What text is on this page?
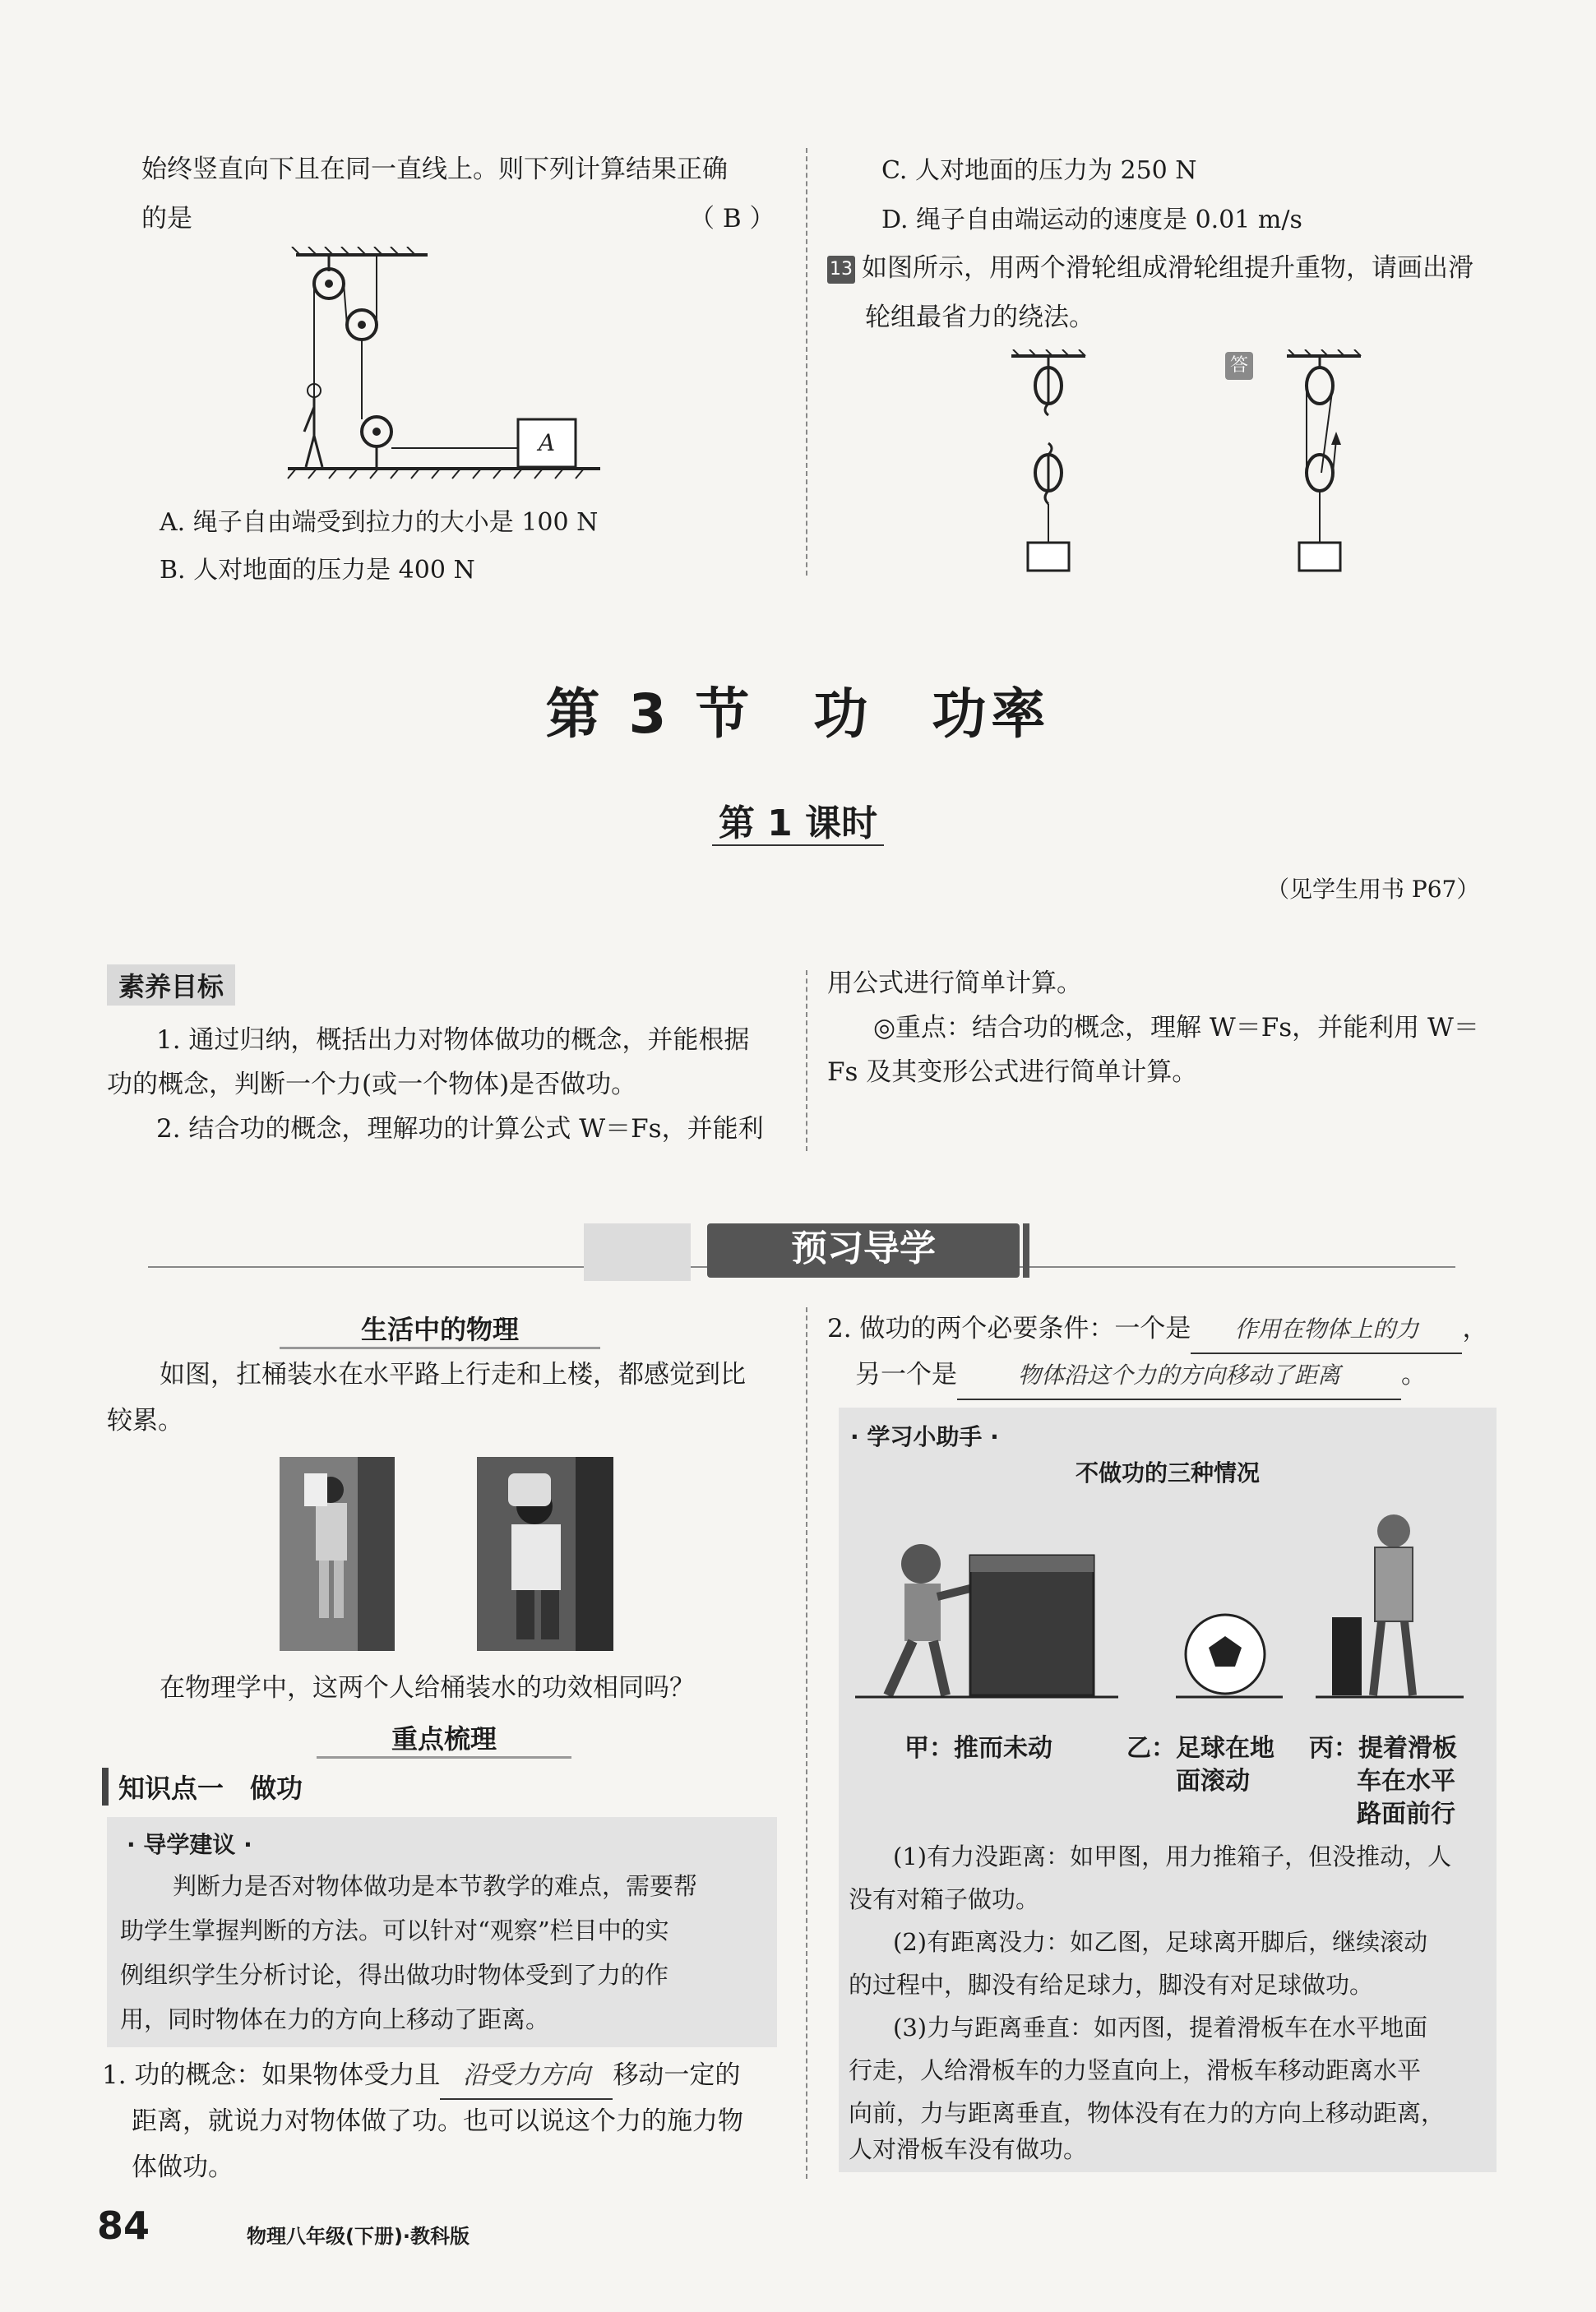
始终竖直向下且在同一直线上。则下列计算结果正确
的是	（ B ）
A
A. 绳子自由端受到拉力的大小是 100 N
B. 人对地面的压力是 400 N
C. 人对地面的压力为 250 N
D. 绳子自由端运动的速度是 0.01 m/s
13 如图所示，用两个滑轮组成滑轮组提升重物，请画出滑
轮组最省力的绕法。
答
第 3 节　功　功率
第 1 课时
（见学生用书 P67）
素养目标
1. 通过归纳，概括出力对物体做功的概念，并能根据
功的概念，判断一个力(或一个物体)是否做功。
2. 结合功的概念，理解功的计算公式 W＝Fs，并能利
用公式进行简单计算。
◎重点：结合功的概念，理解 W＝Fs，并能利用 W＝
Fs 及其变形公式进行简单计算。
预习导学
生活中的物理
如图，扛桶装水在水平路上行走和上楼，都感觉到比
较累。
在物理学中，这两个人给桶装水的功效相同吗？
重点梳理
知识点一　做功
· 导学建议 ·
判断力是否对物体做功是本节教学的难点，需要帮
助学生掌握判断的方法。可以针对“观察”栏目中的实
例组织学生分析讨论，得出做功时物体受到了力的作
用，同时物体在力的方向上移动了距离。
1. 功的概念：如果物体受力且 沿受力方向 移动一定的
距离，就说力对物体做了功。也可以说这个力的施力物
体做功。
2. 做功的两个必要条件：一个是 作用在物体上的力 ，
另一个是	物体沿这个力的方向移动了距离 。
· 学习小助手 ·
不做功的三种情况
甲：推而未动	乙：足球在地
面滚动
丙：提着滑板
车在水平
路面前行
(1)有力没距离：如甲图，用力推箱子，但没推动，人
没有对箱子做功。
(2)有距离没力：如乙图，足球离开脚后，继续滚动
的过程中，脚没有给足球力，脚没有对足球做功。
(3)力与距离垂直：如丙图，提着滑板车在水平地面
行走，人给滑板车的力竖直向上，滑板车移动距离水平
向前，力与距离垂直，物体没有在力的方向上移动距离，
人对滑板车没有做功。
84	物理八年级(下册)·教科版
